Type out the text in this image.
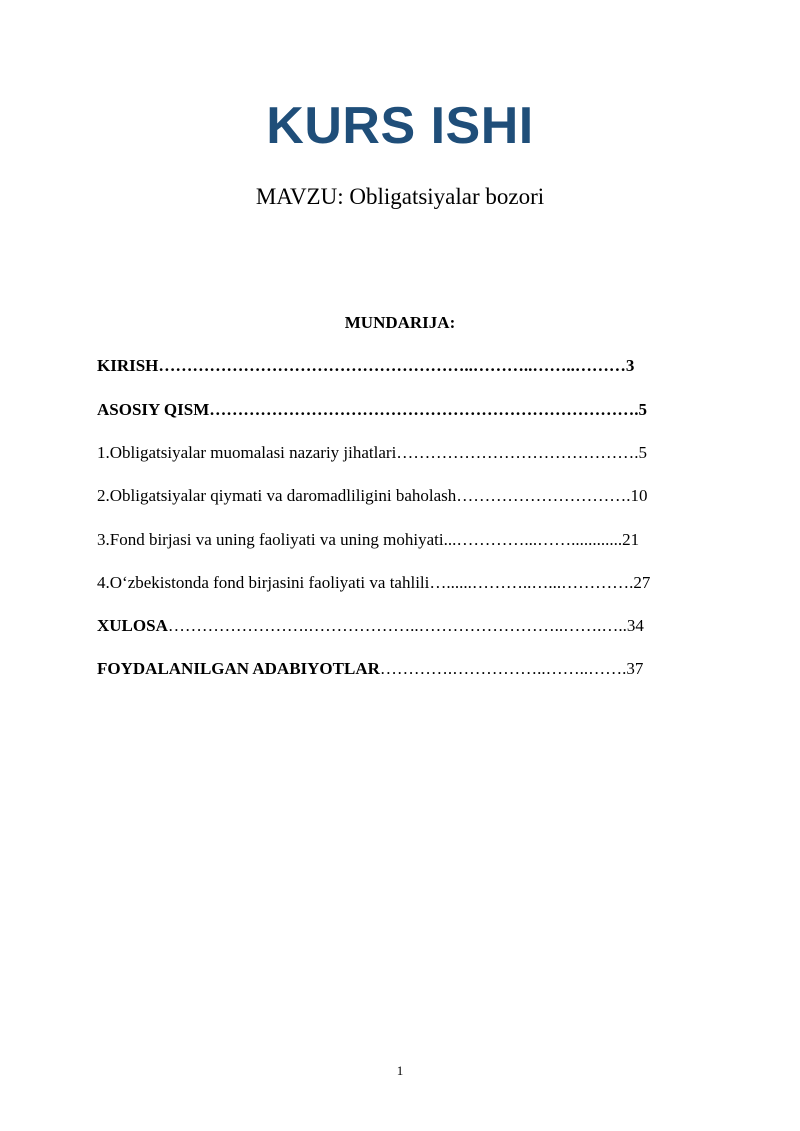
KURS ISHI
MAVZU: Obligatsiyalar bozori
MUNDARIJA:
KIRISH………………………………………………..………..……..………3
ASOSIY QISM………………………………………………………………….5
1.Obligatsiyalar muomalasi nazariy jihatlari…………………………………….5
2.Obligatsiyalar qiymati va daromadliligini baholash………………………….10
3.Fond birjasi va uning faoliyati va uning mohiyati...…………...……............21
4.O‘zbekistonda fond birjasini faoliyati va tahlili…......………..…...………….27
XULOSA…………………….………………..……………………..…….…..34
FOYDALANILGAN ADABIYOTLAR………….……………..……..…….37
1
